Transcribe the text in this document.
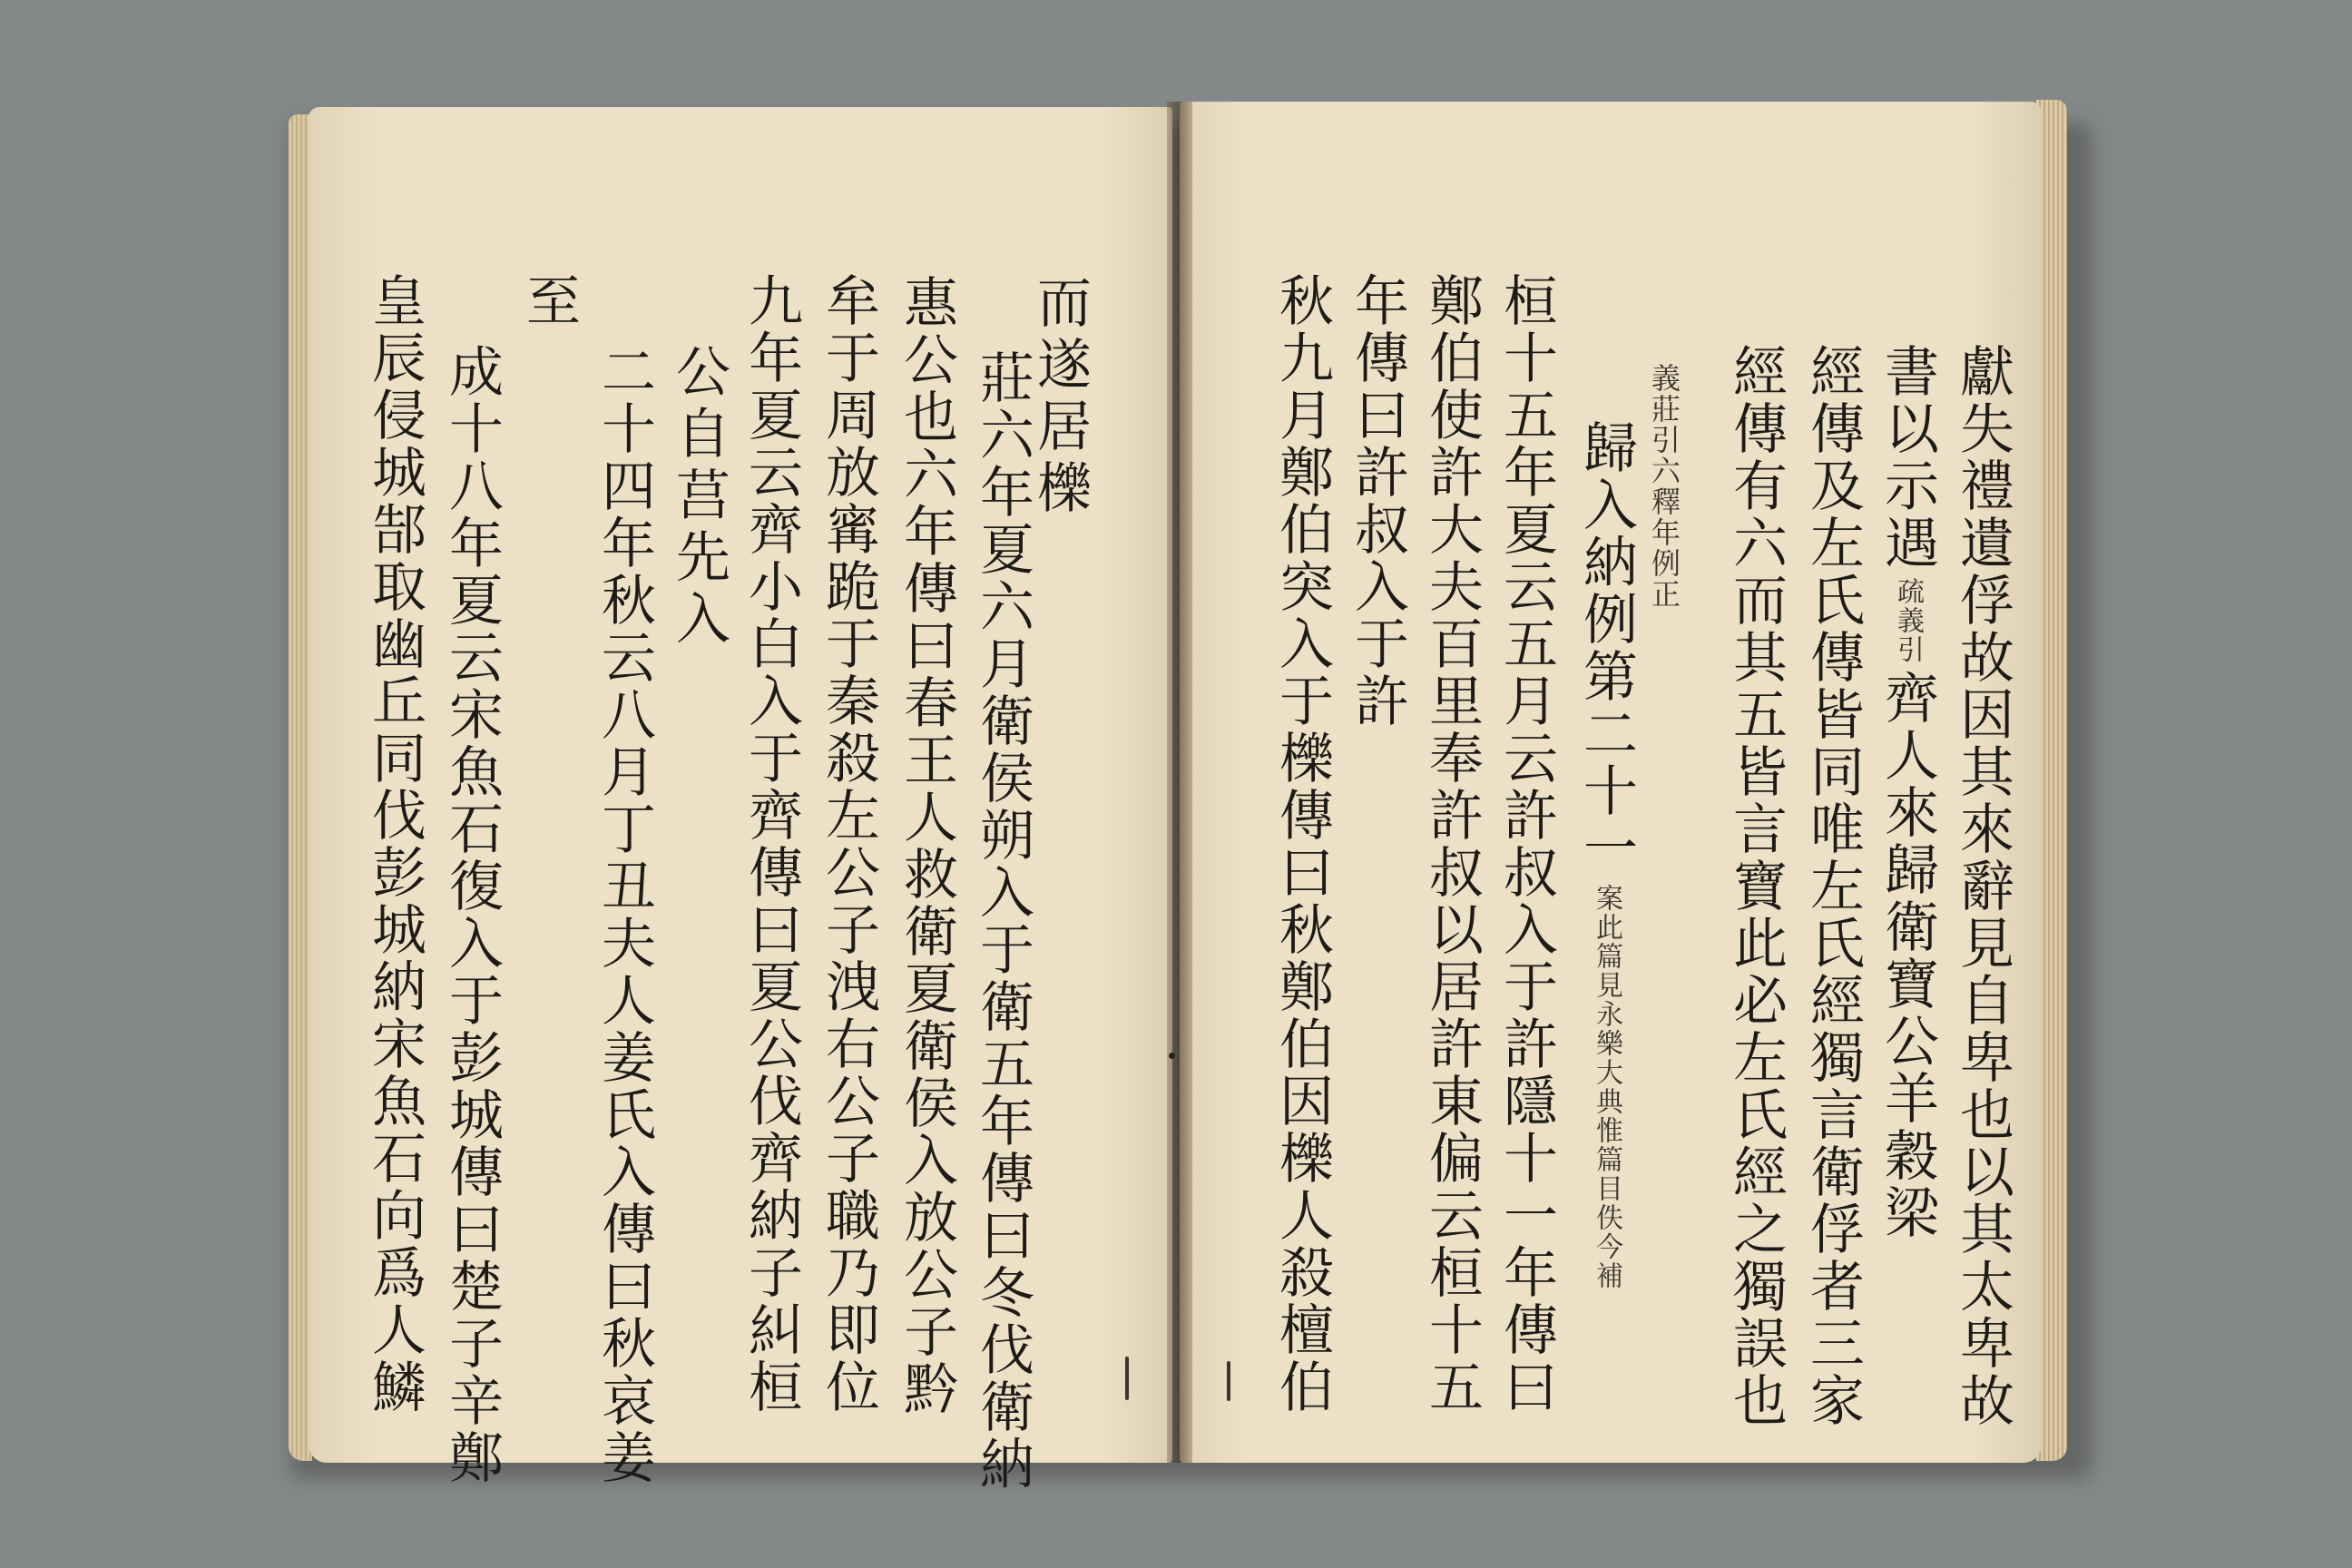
而遂居櫟
莊六年夏六月衛侯朔入于衛五年傳曰冬伐衛納
惠公也六年傳曰春王人救衛夏衛侯入放公子黔
牟于周放寗跪于秦殺左公子洩右公子職乃即位
九年夏云齊小白入于齊傳曰夏公伐齊納子糾桓
公自莒先入
二十四年秋云八月丁丑夫人姜氏入傳曰秋哀姜
至
成十八年夏云宋魚石復入于彭城傳曰楚子辛鄭
皇辰侵城郜取幽丘同伐彭城納宋魚石向爲人鱗	獻失禮遺俘故因其來辭見自卑也以其太卑故
書以示遇
疏義引
齊人來歸衛寶公羊穀梁
經傳及左氏傳皆同唯左氏經獨言衛俘者三家
經傳有六而其五皆言寶此必左氏經之獨誤也
義莊引六釋年例正
歸入納例第二十一
案此篇見永樂大典惟篇目佚今補
桓十五年夏云五月云許叔入于許隱十一年傳曰
鄭伯使許大夫百里奉許叔以居許東偏云桓十五
年傳曰許叔入于許
秋九月鄭伯突入于櫟傳曰秋鄭伯因櫟人殺檀伯
